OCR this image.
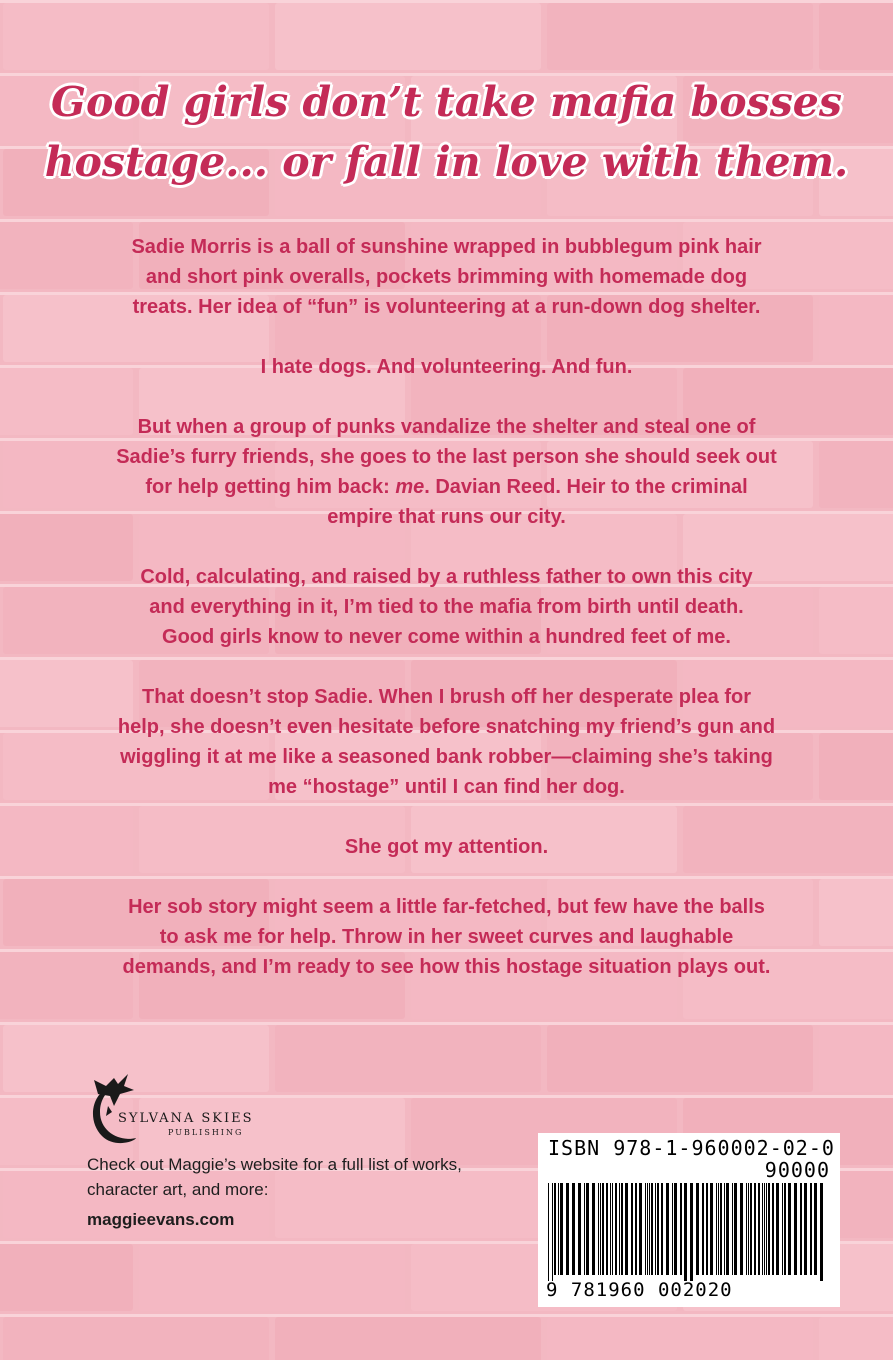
Good girls don’t take mafia bosses
hostage... or fall in love with them.

Sadie Morris is a ball of sunshine wrapped in bubblegum pink hair
and short pink overalls, pockets brimming with homemade dog
treats. Her idea of “fun” is volunteering at a run-down dog shelter.

I hate dogs. And volunteering. And fun.

But when a group of punks vandalize the shelter and steal one of
Sadie’s furry friends, she goes to the last person she should seek out
for help getting him back: me. Davian Reed. Heir to the criminal
empire that runs our city.

Cold, calculating, and raised by a ruthless father to own this city
and everything in it, I’m tied to the mafia from birth until death.
Good girls know to never come within a hundred feet of me.

That doesn’t stop Sadie. When I brush off her desperate plea for
help, she doesn’t even hesitate before snatching my friend’s gun and
wiggling it at me like a seasoned bank robber—claiming she’s taking
me “hostage” until I can find her dog.

She got my attention.

Her sob story might seem a little far-fetched, but few have the balls
to ask me for help. Throw in her sweet curves and laughable
demands, and I’m ready to see how this hostage situation plays out.

SYLVANA SKIES
PUBLISHING
Check out Maggie’s website for a full list of works, character art, and more:
maggieevans.com
ISBN 978-1-960002-02-0
90000
9 781960 002020
